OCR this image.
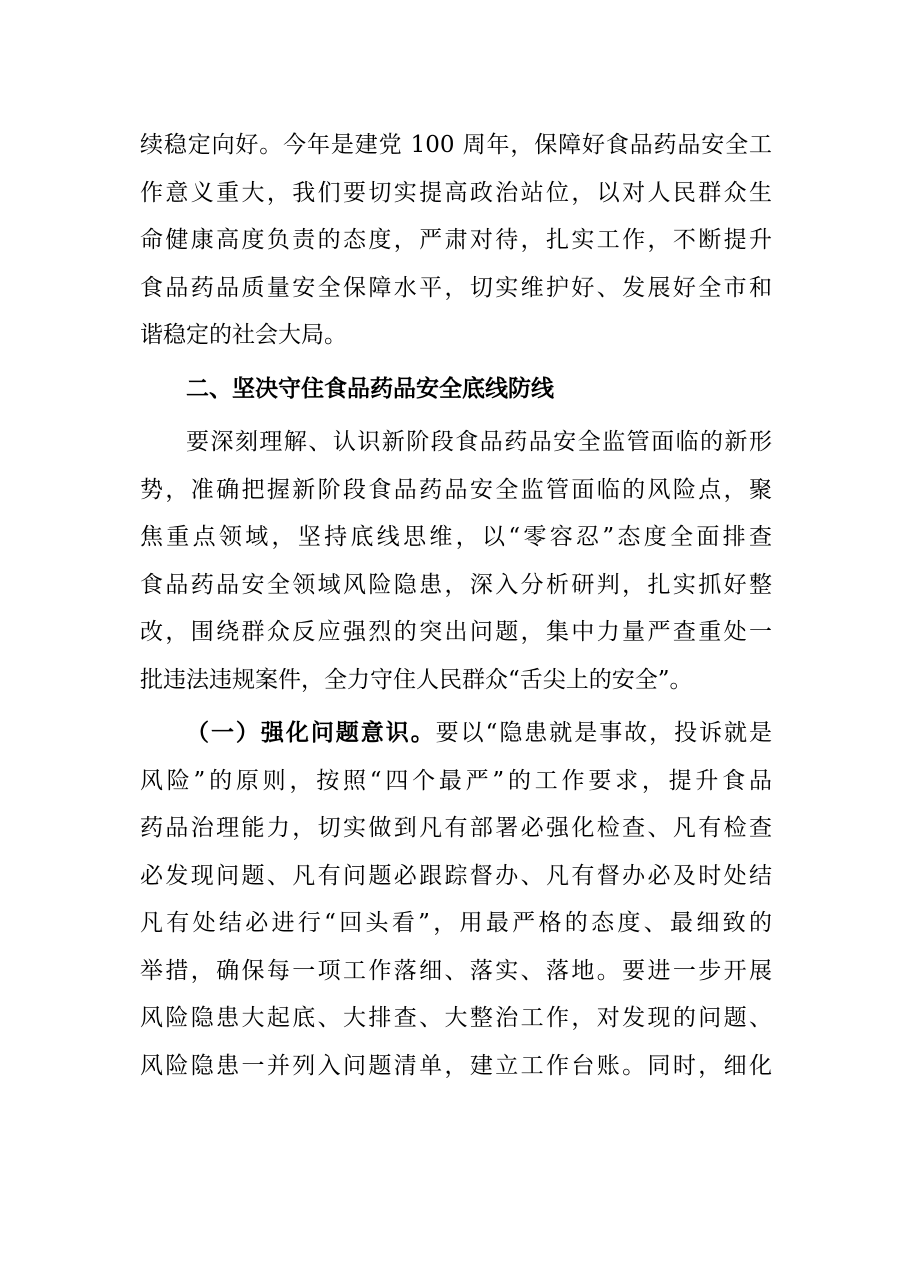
续稳定向好。今年是建党 100 周年，保障好食品药品安全工
作意义重大，我们要切实提高政治站位，以对人民群众生
命健康高度负责的态度，严肃对待，扎实工作，不断提升
食品药品质量安全保障水平，切实维护好、发展好全市和
谐稳定的社会大局。
二、坚决守住食品药品安全底线防线
要深刻理解、认识新阶段食品药品安全监管面临的新形
势，准确把握新阶段食品药品安全监管面临的风险点，聚
焦重点领域，坚持底线思维，以“零容忍”态度全面排查
食品药品安全领域风险隐患，深入分析研判，扎实抓好整
改，围绕群众反应强烈的突出问题，集中力量严查重处一
批违法违规案件，全力守住人民群众“舌尖上的安全”。
（一）强化问题意识。要以“隐患就是事故，投诉就是
风险”的原则，按照“四个最严”的工作要求，提升食品
药品治理能力，切实做到凡有部署必强化检查、凡有检查
必发现问题、凡有问题必跟踪督办、凡有督办必及时处结
凡有处结必进行“回头看”，用最严格的态度、最细致的
举措，确保每一项工作落细、落实、落地。要进一步开展
风险隐患大起底、大排查、大整治工作，对发现的问题、
风险隐患一并列入问题清单，建立工作台账。同时，细化
